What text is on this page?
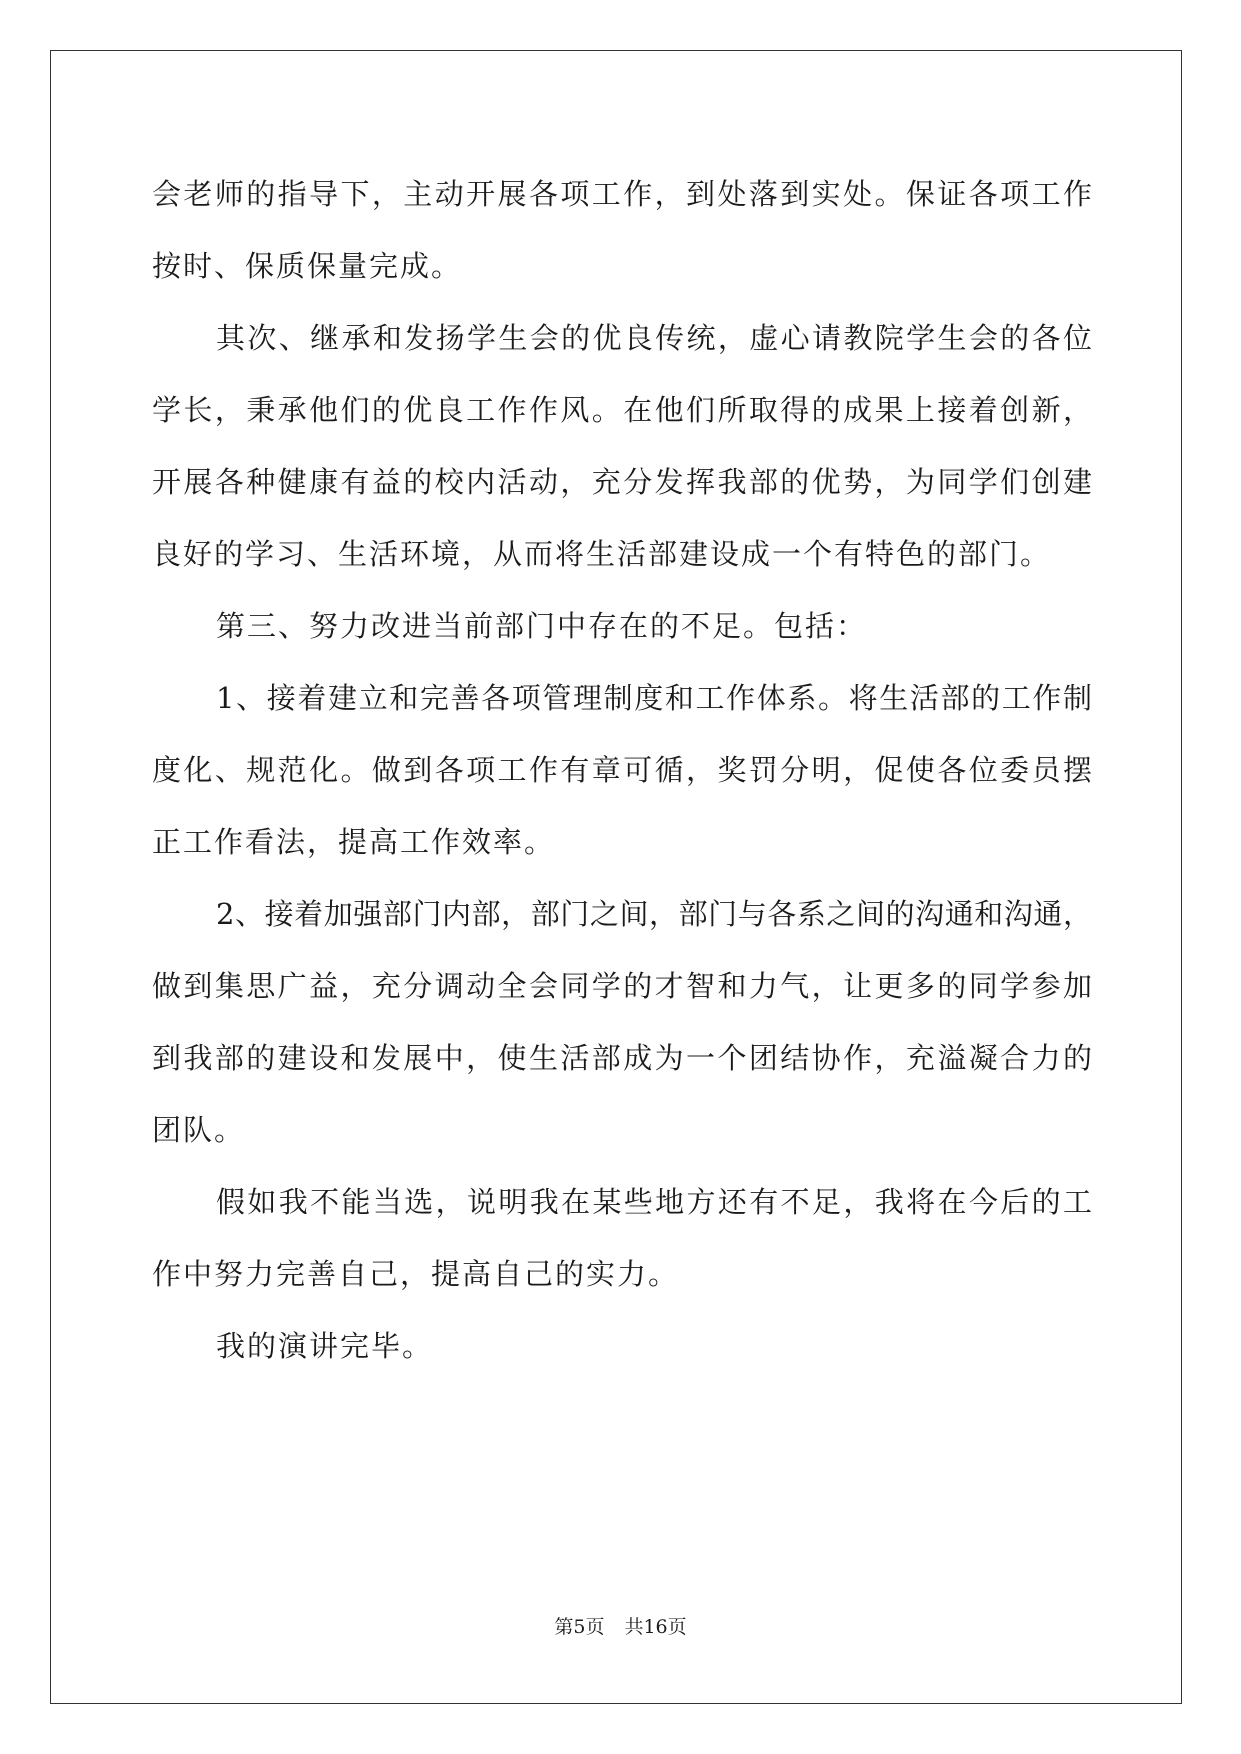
会老师的指导下，主动开展各项工作，到处落到实处。保证各项工作
按时、保质保量完成。
其次、继承和发扬学生会的优良传统，虚心请教院学生会的各位
学长，秉承他们的优良工作作风。在他们所取得的成果上接着创新，
开展各种健康有益的校内活动，充分发挥我部的优势，为同学们创建
良好的学习、生活环境，从而将生活部建设成一个有特色的部门。
第三、努力改进当前部门中存在的不足。包括：
1、接着建立和完善各项管理制度和工作体系。将生活部的工作制
度化、规范化。做到各项工作有章可循，奖罚分明，促使各位委员摆
正工作看法，提高工作效率。
2、接着加强部门内部，部门之间，部门与各系之间的沟通和沟通，
做到集思广益，充分调动全会同学的才智和力气，让更多的同学参加
到我部的建设和发展中，使生活部成为一个团结协作，充溢凝合力的
团队。
假如我不能当选，说明我在某些地方还有不足，我将在今后的工
作中努力完善自己，提高自己的实力。
我的演讲完毕。
第5页 共16页
